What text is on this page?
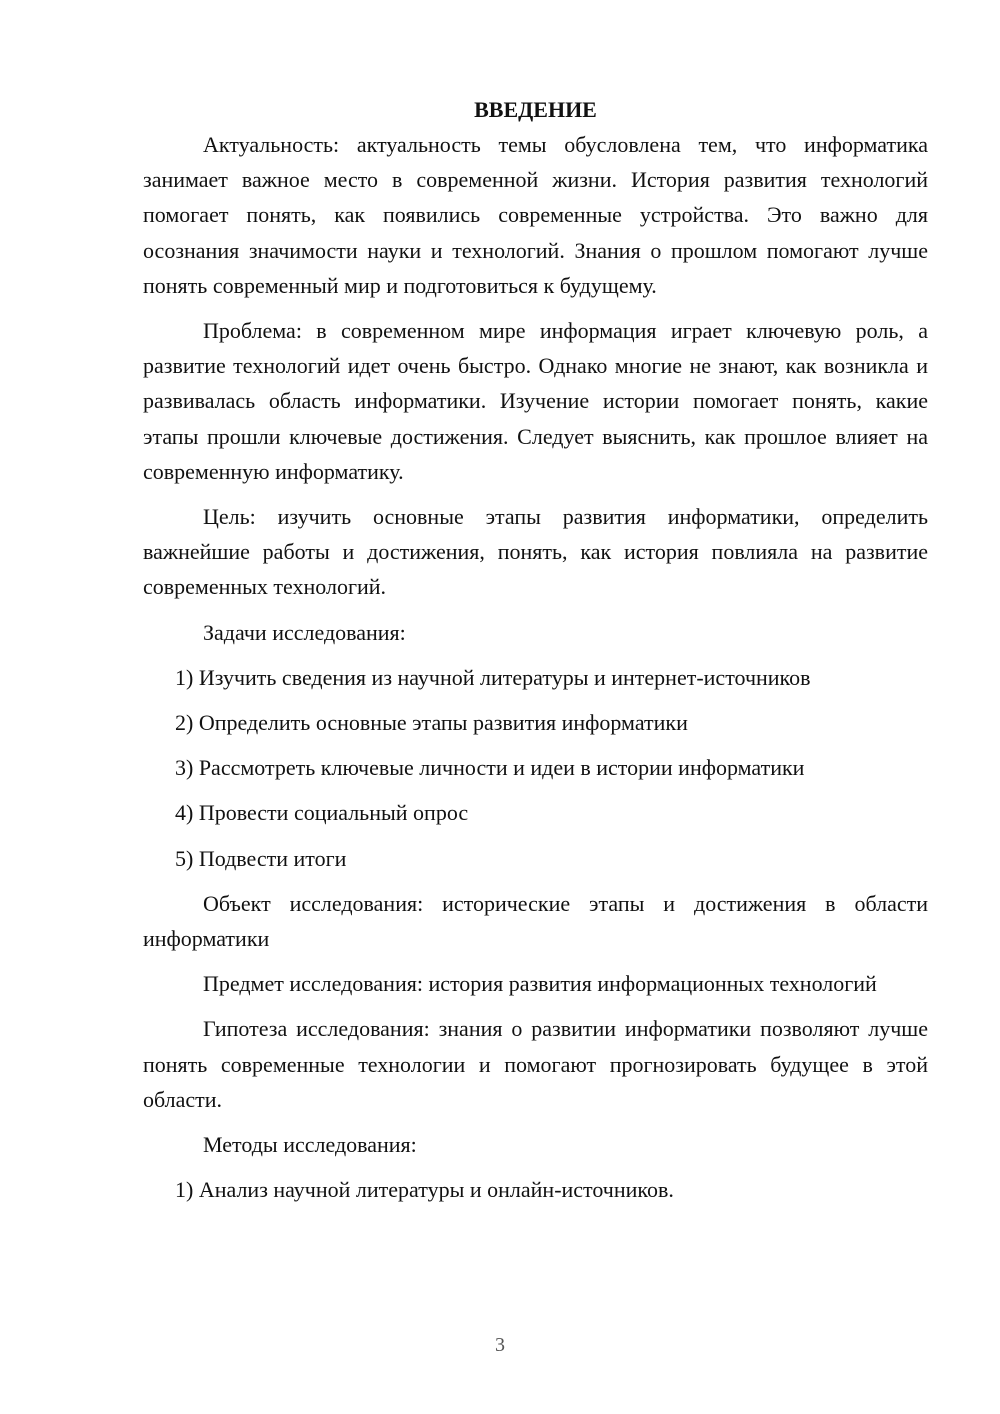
ВВЕДЕНИЕ

Актуальность: актуальность темы обусловлена тем, что информатика занимает важное место в современной жизни. История развития технологий помогает понять, как появились современные устройства. Это важно для осознания значимости науки и технологий. Знания о прошлом помогают лучше понять современный мир и подготовиться к будущему.

Проблема: в современном мире информация играет ключевую роль, а развитие технологий идет очень быстро. Однако многие не знают, как возникла и развивалась область информатики. Изучение истории помогает понять, какие этапы прошли ключевые достижения. Следует выяснить, как прошлое влияет на современную информатику.

Цель: изучить основные этапы развития информатики, определить важнейшие работы и достижения, понять, как история повлияла на развитие современных технологий.

Задачи исследования:

1) Изучить сведения из научной литературы и интернет-источников

2) Определить основные этапы развития информатики

3) Рассмотреть ключевые личности и идеи в истории информатики

4) Провести социальный опрос

5) Подвести итоги

Объект исследования: исторические этапы и достижения в области информатики

Предмет исследования: история развития информационных технологий

Гипотеза исследования: знания о развитии информатики позволяют лучше понять современные технологии и помогают прогнозировать будущее в этой области.

Методы исследования:

1) Анализ научной литературы и онлайн-источников.

3
